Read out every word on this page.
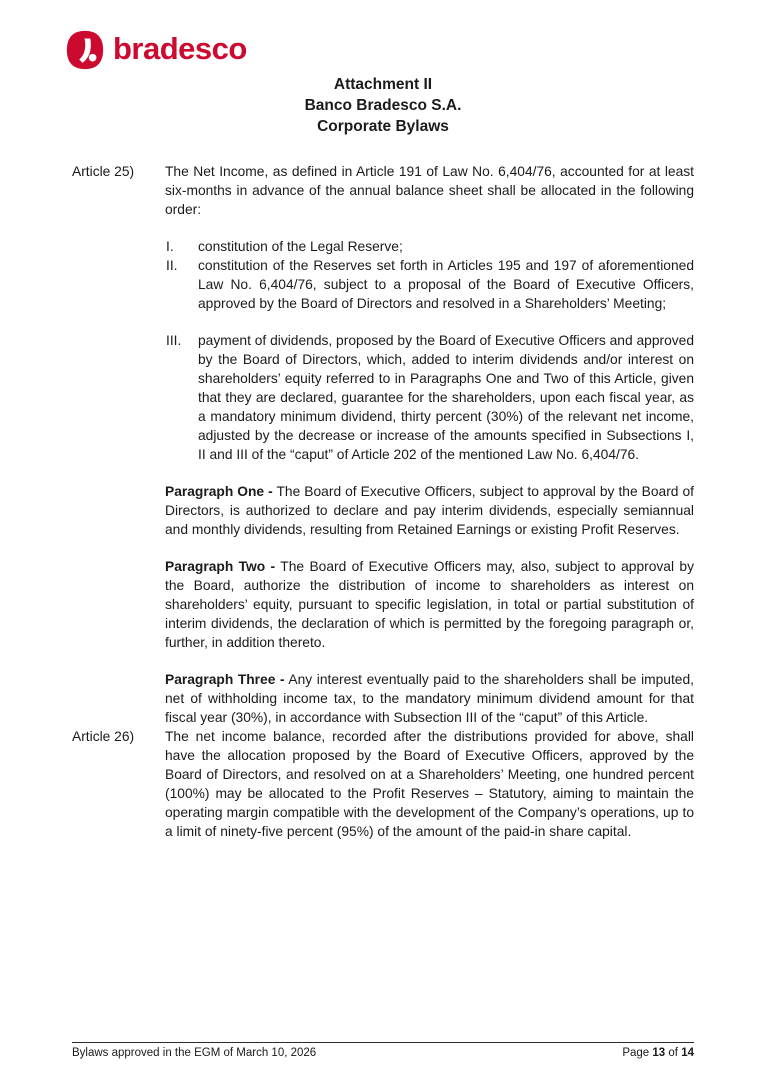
bradesco
Attachment II
Banco Bradesco S.A.
Corporate Bylaws
Article 25)	The Net Income, as defined in Article 191 of Law No. 6,404/76, accounted for at least six-months in advance of the annual balance sheet shall be allocated in the following order:

I.	constitution of the Legal Reserve;
II.	constitution of the Reserves set forth in Articles 195 and 197 of aforementioned Law No. 6,404/76, subject to a proposal of the Board of Executive Officers, approved by the Board of Directors and resolved in a Shareholders’ Meeting;
III.	payment of dividends, proposed by the Board of Executive Officers and approved by the Board of Directors, which, added to interim dividends and/or interest on shareholders’ equity referred to in Paragraphs One and Two of this Article, given that they are declared, guarantee for the shareholders, upon each fiscal year, as a mandatory minimum dividend, thirty percent (30%) of the relevant net income, adjusted by the decrease or increase of the amounts specified in Subsections I, II and III of the “caput” of Article 202 of the mentioned Law No. 6,404/76.

Paragraph One - The Board of Executive Officers, subject to approval by the Board of Directors, is authorized to declare and pay interim dividends, especially semiannual and monthly dividends, resulting from Retained Earnings or existing Profit Reserves.

Paragraph Two - The Board of Executive Officers may, also, subject to approval by the Board, authorize the distribution of income to shareholders as interest on shareholders’ equity, pursuant to specific legislation, in total or partial substitution of interim dividends, the declaration of which is permitted by the foregoing paragraph or, further, in addition thereto.

Paragraph Three - Any interest eventually paid to the shareholders shall be imputed, net of withholding income tax, to the mandatory minimum dividend amount for that fiscal year (30%), in accordance with Subsection III of the “caput” of this Article.

Article 26)	The net income balance, recorded after the distributions provided for above, shall have the allocation proposed by the Board of Executive Officers, approved by the Board of Directors, and resolved on at a Shareholders’ Meeting, one hundred percent (100%) may be allocated to the Profit Reserves – Statutory, aiming to maintain the operating margin compatible with the development of the Company’s operations, up to a limit of ninety-five percent (95%) of the amount of the paid-in share capital.

Bylaws approved in the EGM of March 10, 2026	Page 13 of 14
